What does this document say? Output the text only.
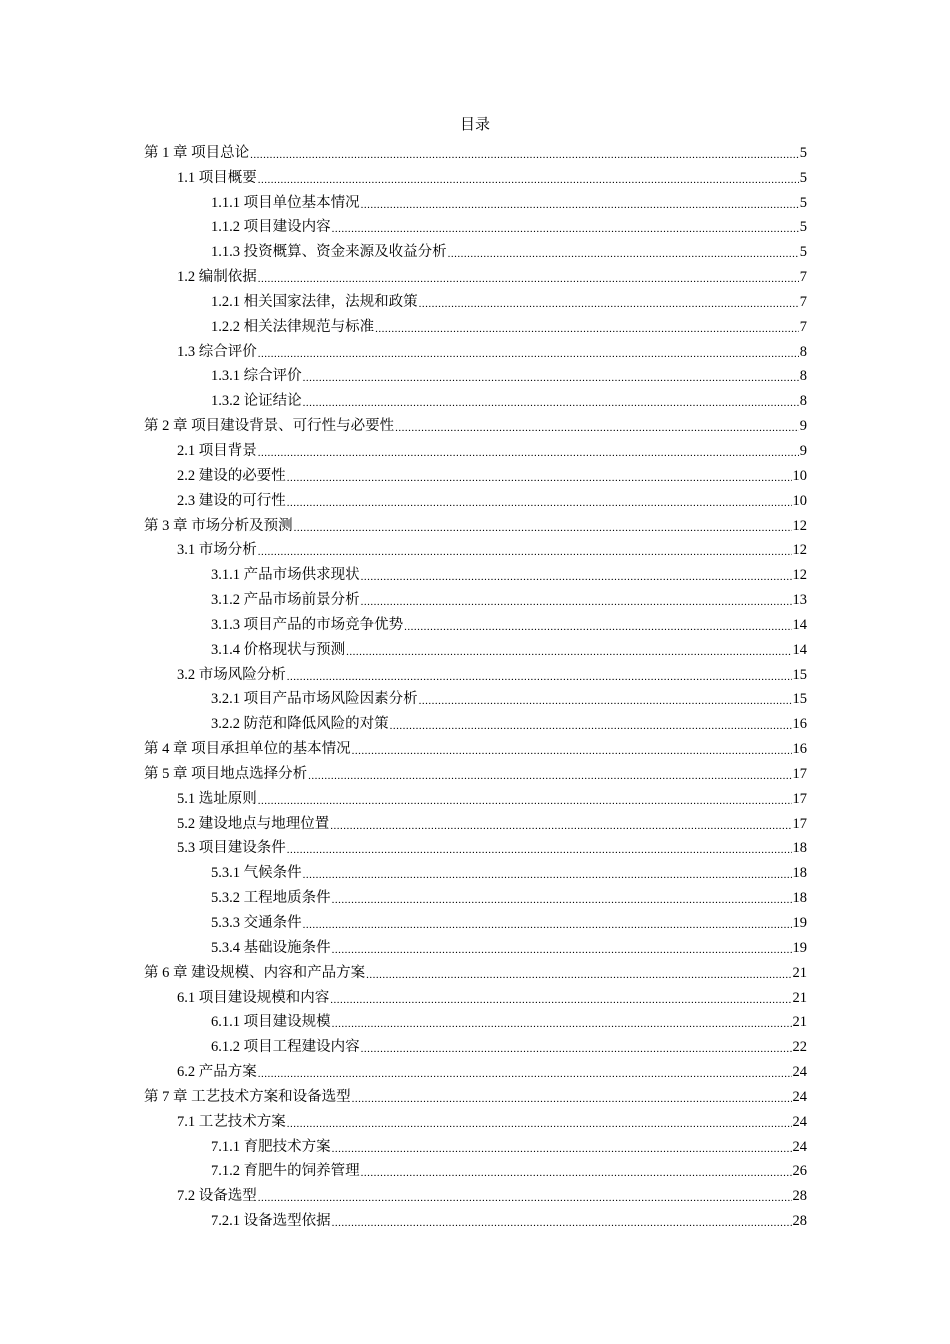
目录
第 1 章 项目总论 .....	5
1.1 项目概要 .....	5
1.1.1 项目单位基本情况 .....	5
1.1.2 项目建设内容 .....	5
1.1.3 投资概算、资金来源及收益分析 .....	5
1.2 编制依据 .....	7
1.2.1 相关国家法律，法规和政策 .....	7
1.2.2 相关法律规范与标准 .....	7
1.3 综合评价 .....	8
1.3.1 综合评价 .....	8
1.3.2 论证结论 .....	8
第 2 章 项目建设背景、可行性与必要性 .....	9
2.1 项目背景 .....	9
2.2 建设的必要性 .....	10
2.3 建设的可行性 .....	10
第 3 章 市场分析及预测 .....	12
3.1 市场分析 .....	12
3.1.1 产品市场供求现状 .....	12
3.1.2 产品市场前景分析 .....	13
3.1.3 项目产品的市场竞争优势 .....	14
3.1.4 价格现状与预测 .....	14
3.2 市场风险分析 .....	15
3.2.1 项目产品市场风险因素分析 .....	15
3.2.2 防范和降低风险的对策 .....	16
第 4 章 项目承担单位的基本情况 .....	16
第 5 章 项目地点选择分析 .....	17
5.1 选址原则 .....	17
5.2 建设地点与地理位置 .....	17
5.3 项目建设条件 .....	18
5.3.1 气候条件 .....	18
5.3.2 工程地质条件 .....	18
5.3.3 交通条件 .....	19
5.3.4 基础设施条件 .....	19
第 6 章 建设规模、内容和产品方案 .....	21
6.1 项目建设规模和内容 .....	21
6.1.1 项目建设规模 .....	21
6.1.2 项目工程建设内容 .....	22
6.2 产品方案 .....	24
第 7 章 工艺技术方案和设备选型 .....	24
7.1 工艺技术方案 .....	24
7.1.1 育肥技术方案 .....	24
7.1.2 育肥牛的饲养管理 .....	26
7.2 设备选型 .....	28
7.2.1 设备选型依据 .....	28
